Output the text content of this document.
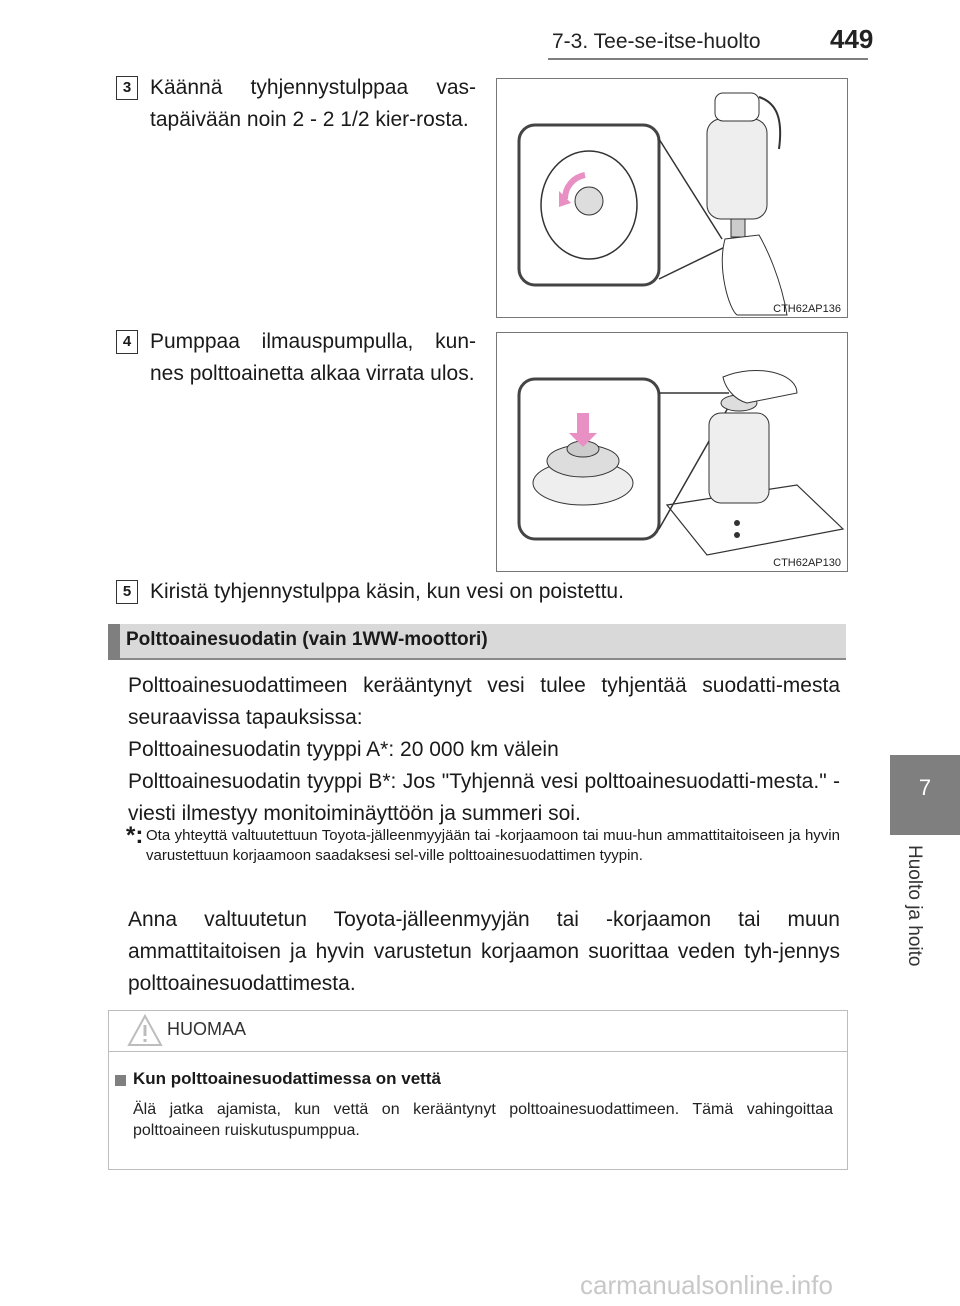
7-3. Tee-se-itse-huolto	449
7
Huolto ja hoito
3 Käännä tyhjennystulppaa vas-tapäivään noin 2 - 2 1/2 kier-rosta.
CTH62AP136
4 Pumppaa ilmauspumpulla, kun-nes polttoainetta alkaa virrata ulos.
CTH62AP130
5 Kiristä tyhjennystulppa käsin, kun vesi on poistettu.
Polttoainesuodatin (vain 1WW-moottori)
Polttoainesuodattimeen kerääntynyt vesi tulee tyhjentää suodatti-mesta seuraavissa tapauksissa:
Polttoainesuodatin tyyppi A*: 20 000 km välein
Polttoainesuodatin tyyppi B*: Jos "Tyhjennä vesi polttoainesuodatti-mesta." -viesti ilmestyy monitoiminäyttöön ja summeri soi.
*: Ota yhteyttä valtuutettuun Toyota-jälleenmyyjään tai -korjaamoon tai muu-hun ammattitaitoiseen ja hyvin varustettuun korjaamoon saadaksesi sel-ville polttoainesuodattimen tyypin.
Anna valtuutetun Toyota-jälleenmyyjän tai -korjaamon tai muun ammattitaitoisen ja hyvin varustetun korjaamon suorittaa veden tyh-jennys polttoainesuodattimesta.
HUOMAA
Kun polttoainesuodattimessa on vettä
Älä jatka ajamista, kun vettä on kerääntynyt polttoainesuodattimeen. Tämä vahingoittaa polttoaineen ruiskutuspumppua.
carmanualsonline.info
